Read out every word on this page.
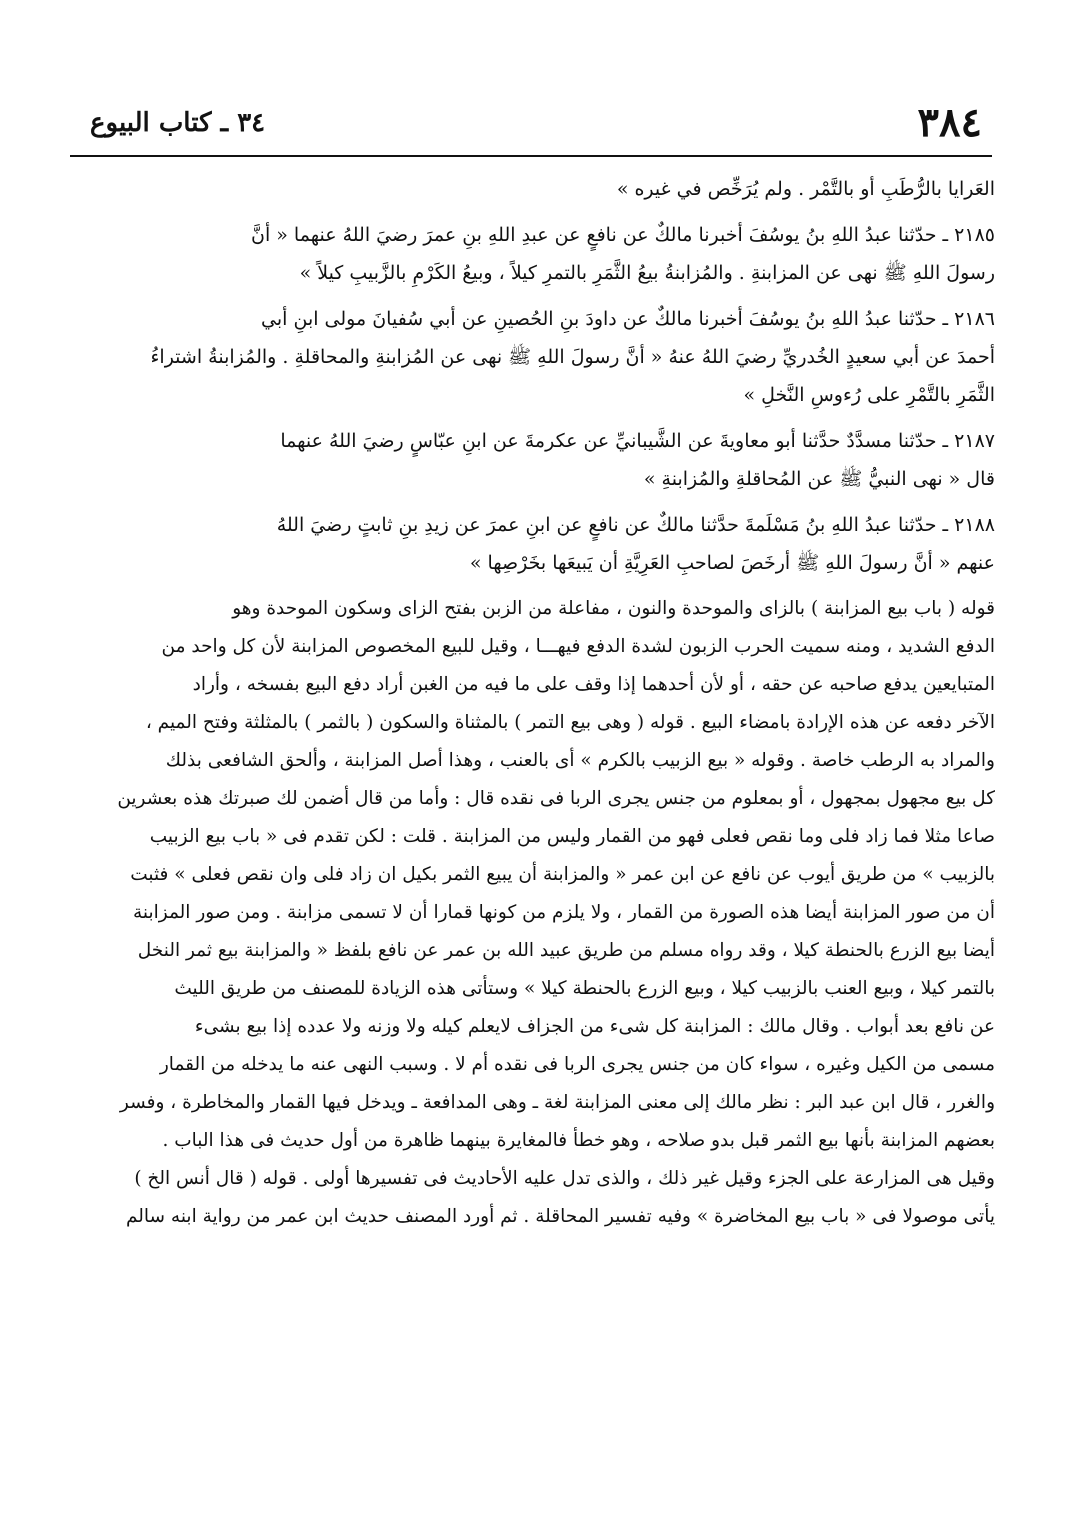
٣٨٤
٣٤ ـ كتاب البيوع
العَرايا بالرُّطَبِ أو بالتَّمْر . ولم يُرَخِّص في غيره »
٢١٨٥ ـ حدّثنا عبدُ اللهِ بنُ يوسُفَ أخبرنا مالكٌ عن نافعٍ عن عبدِ اللهِ بنِ عمرَ رضيَ اللهُ عنهما « أنَّ
رسولَ اللهِ ﷺ نهى عن المزابنةِ . والمُزابنةُ بيعُ الثَّمَرِ بالتمرِ كيلاً ، وبيعُ الكَرْمِ بالزَّبيبِ كيلاً »
٢١٨٦ ـ حدّثنا عبدُ اللهِ بنُ يوسُفَ أخبرنا مالكٌ عن داودَ بنِ الحُصينِ عن أبي سُفيانَ مولى ابنِ أبي
أحمدَ عن أبي سعيدٍ الخُدريِّ رضيَ اللهُ عنهُ « أنَّ رسولَ اللهِ ﷺ نهى عن المُزابنةِ والمحاقلةِ . والمُزابنةُ اشتراءُ
الثَّمَرِ بالتَّمْرِ على رُءوسِ النَّخلِ »
٢١٨٧ ـ حدّثنا مسدَّدٌ حدَّثنا أبو معاويةَ عن الشَّيبانيِّ عن عكرمةَ عن ابنِ عبّاسٍ رضيَ اللهُ عنهما
قال « نهى النبيُّ ﷺ عن المُحاقلةِ والمُزابنةِ »
٢١٨٨ ـ حدّثنا عبدُ اللهِ بنُ مَسْلَمةَ حدَّثنا مالكٌ عن نافعٍ عن ابنِ عمرَ عن زيدِ بنِ ثابتٍ رضيَ اللهُ
عنهم « أنَّ رسولَ اللهِ ﷺ أرخَصَ لصاحبِ العَرِيَّةِ أن يَبيعَها بخَرْصِها »
قوله ( باب بيع المزابنة ) بالزاى والموحدة والنون ، مفاعلة من الزبن بفتح الزاى وسكون الموحدة وهو
الدفع الشديد ، ومنه سميت الحرب الزبون لشدة الدفع فيهـــا ، وقيل للبيع المخصوص المزابنة لأن كل واحد من
المتبايعين يدفع صاحبه عن حقه ، أو لأن أحدهما إذا وقف على ما فيه من الغبن أراد دفع البيع بفسخه ، وأراد
الآخر دفعه عن هذه الإرادة بامضاء البيع . قوله ( وهى بيع التمر ) بالمثناة والسكون ( بالثمر ) بالمثلثة وفتح الميم ،
والمراد به الرطب خاصة . وقوله « بيع الزبيب بالكرم » أى بالعنب ، وهذا أصل المزابنة ، وألحق الشافعى بذلك
كل بيع مجهول بمجهول ، أو بمعلوم من جنس يجرى الربا فى نقده قال : وأما من قال أضمن لك صبرتك هذه بعشرين
صاعا مثلا فما زاد فلى وما نقص فعلى فهو من القمار وليس من المزابنة . قلت : لكن تقدم فى « باب بيع الزبيب
بالزبيب » من طريق أيوب عن نافع عن ابن عمر « والمزابنة أن يبيع الثمر بكيل ان زاد فلى وان نقص فعلى » فثبت
أن من صور المزابنة أيضا هذه الصورة من القمار ، ولا يلزم من كونها قمارا أن لا تسمى مزابنة . ومن صور المزابنة
أيضا بيع الزرع بالحنطة كيلا ، وقد رواه مسلم من طريق عبيد الله بن عمر عن نافع بلفظ « والمزابنة بيع ثمر النخل
بالتمر كيلا ، وبيع العنب بالزبيب كيلا ، وبيع الزرع بالحنطة كيلا » وستأتى هذه الزيادة للمصنف من طريق الليث
عن نافع بعد أبواب . وقال مالك : المزابنة كل شىء من الجزاف لايعلم كيله ولا وزنه ولا عدده إذا بيع بشىء
مسمى من الكيل وغيره ، سواء كان من جنس يجرى الربا فى نقده أم لا . وسبب النهى عنه ما يدخله من القمار
والغرر ، قال ابن عبد البر : نظر مالك إلى معنى المزابنة لغة ـ وهى المدافعة ـ ويدخل فيها القمار والمخاطرة ، وفسر
بعضهم المزابنة بأنها بيع الثمر قبل بدو صلاحه ، وهو خطأ فالمغايرة بينهما ظاهرة من أول حديث فى هذا الباب .
وقيل هى المزارعة على الجزء وقيل غير ذلك ، والذى تدل عليه الأحاديث فى تفسيرها أولى . قوله ( قال أنس الخ )
يأتى موصولا فى « باب بيع المخاضرة » وفيه تفسير المحاقلة . ثم أورد المصنف حديث ابن عمر من رواية ابنه سالم
